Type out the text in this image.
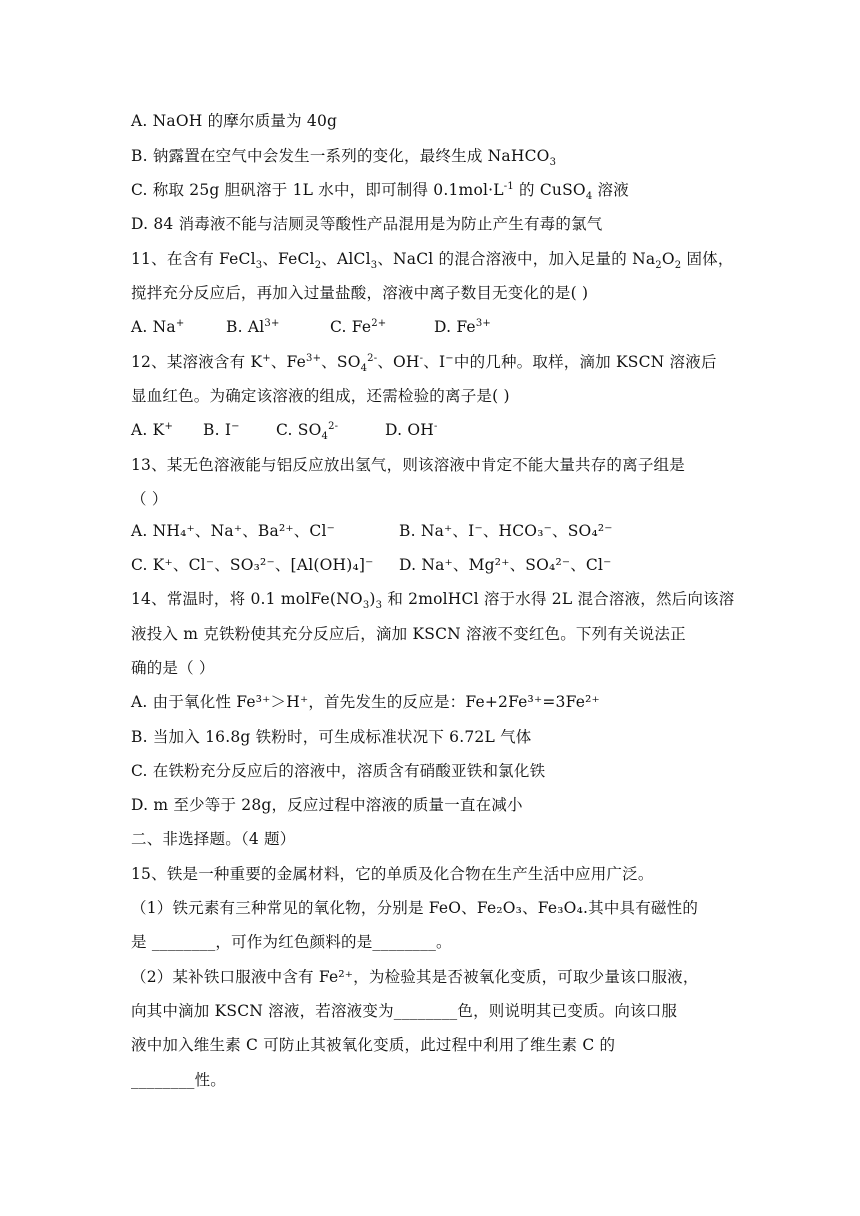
A. NaOH 的摩尔质量为 40g
B. 钠露置在空气中会发生一系列的变化，最终生成 NaHCO$_3$
C. 称取 25g 胆矾溶于 1L 水中，即可制得 $0.1mol\cdot L^{-1}$ 的 CuSO$_4$ 溶液
D. 84 消毒液不能与洁厕灵等酸性产品混用是为防止产生有毒的氯气
11、在含有 FeCl$_3$、FeCl$_2$、AlCl$_3$、NaCl 的混合溶液中，加入足量的 $Na_2O_2$ 固体，
搅拌充分反应后，再加入过量盐酸，溶液中离子数目无变化的是( )
A. Na+	B. $Al^{3+}$	C. $Fe^{2+}$	D. $Fe^{3+}$
12、某溶液含有 K+、$Fe^{3+}$、$SO_4^{2-}$、OH-、I−中的几种。取样，滴加 KSCN 溶液后
显血红色。为确定该溶液的组成，还需检验的离子是( )
A. K+ B. I− C. $SO_4^{2-}$	D. OH-
13、某无色溶液能与铝反应放出氢气，则该溶液中肯定不能大量共存的离子组是
（ ）
A. NH₄⁺、Na⁺、Ba²⁺、Cl⁻	B. Na⁺、I⁻、HCO₃⁻、SO₄²⁻
C. K⁺、Cl⁻、SO₃²⁻、[Al(OH)₄]⁻ D. Na⁺、Mg²⁺、SO₄²⁻、Cl⁻
14、常温时，将 0.1 $molFe(NO_3)_3$ 和 2molHCl 溶于水得 2L 混合溶液，然后向该溶
液投入 m 克铁粉使其充分反应后，滴加 KSCN 溶液不变红色。下列有关说法正
确的是（ ）
A. 由于氧化性 Fe³⁺＞H⁺，首先发生的反应是：Fe+2Fe³⁺=3Fe²⁺
B. 当加入 16.8g 铁粉时，可生成标准状况下 6.72L 气体
C. 在铁粉充分反应后的溶液中，溶质含有硝酸亚铁和氯化铁
D. m 至少等于 28g，反应过程中溶液的质量一直在减小
二、非选择题。（4 题）
15、铁是一种重要的金属材料，它的单质及化合物在生产生活中应用广泛。
（1）铁元素有三种常见的氧化物，分别是 FeO、Fe₂O₃、Fe₃O₄.其中具有磁性的
是 ________，可作为红色颜料的是________。
（2）某补铁口服液中含有 Fe²⁺，为检验其是否被氧化变质，可取少量该口服液，
向其中滴加 KSCN 溶液，若溶液变为________色，则说明其已变质。向该口服
液中加入维生素 C 可防止其被氧化变质，此过程中利用了维生素 C 的
________性。
